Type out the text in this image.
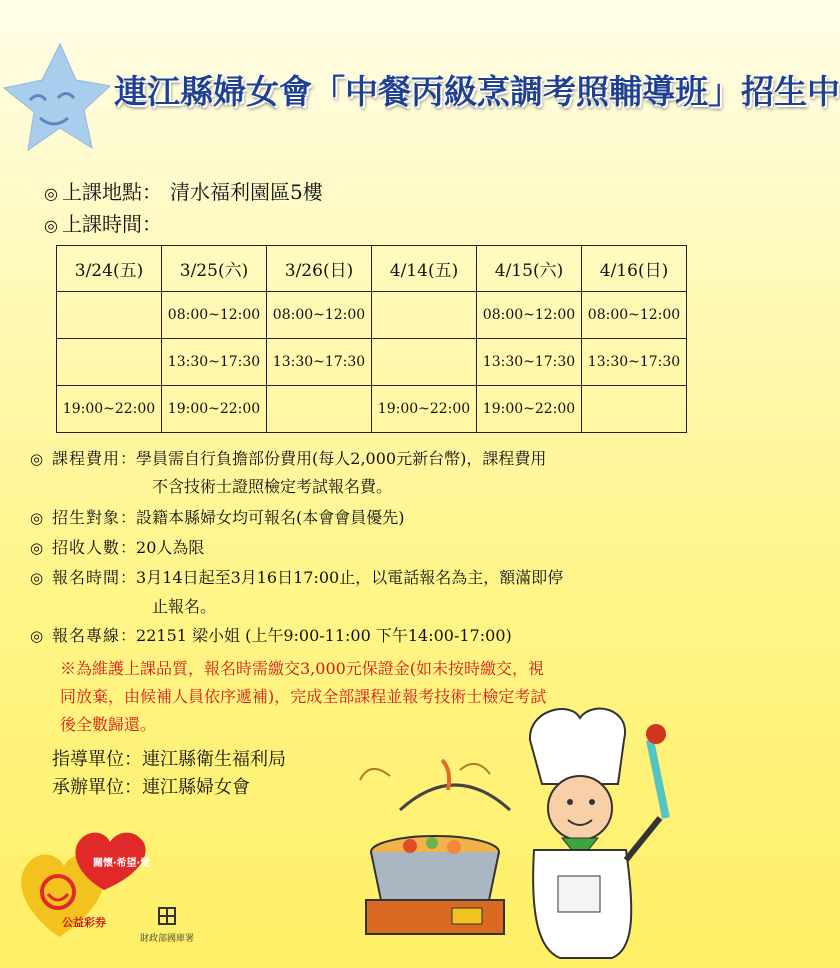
連江縣婦女會「中餐丙級烹調考照輔導班」招生中
◎ 上課地點： 清水福利園區5樓
◎ 上課時間：
3/24(五)	3/25(六)	3/26(日)	4/14(五)	4/15(六)	4/16(日)
	08:00~12:00	08:00~12:00		08:00~12:00	08:00~12:00
	13:30~17:30	13:30~17:30		13:30~17:30	13:30~17:30
19:00~22:00	19:00~22:00		19:00~22:00	19:00~22:00	
◎ 課程費用：學員需自行負擔部份費用(每人2,000元新台幣)，課程費用
不含技術士證照檢定考試報名費。
◎ 招生對象：設籍本縣婦女均可報名(本會會員優先)
◎ 招收人數：20人為限
◎ 報名時間：3月14日起至3月16日17:00止，以電話報名為主，額滿即停
止報名。
◎ 報名專線：22151 梁小姐 (上午9:00-11:00 下午14:00-17:00)
※為維護上課品質，報名時需繳交3,000元保證金(如未按時繳交，視
同放棄，由候補人員依序遞補)，完成全部課程並報考技術士檢定考試
後全數歸還。
指導單位：連江縣衛生福利局
承辦單位：連江縣婦女會
關懷‧希望‧愛
公益彩券
財政部國庫署
